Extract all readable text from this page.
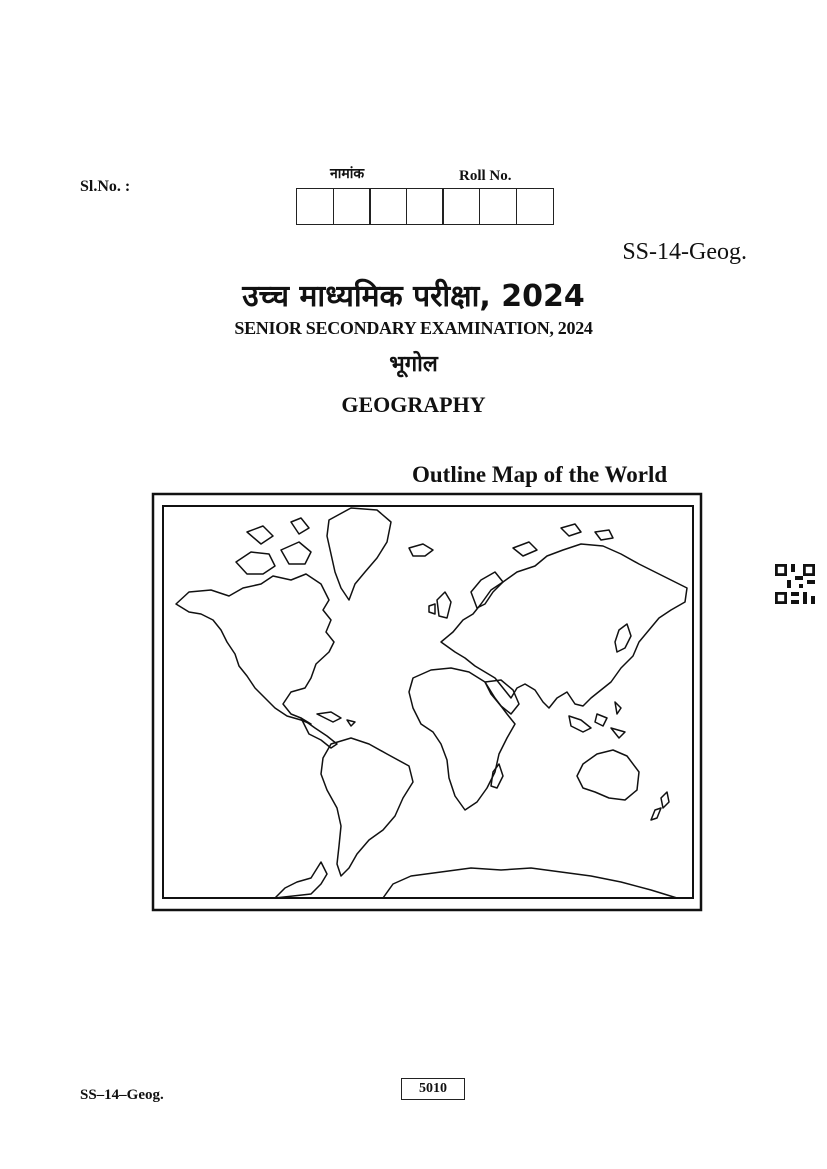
Sl.No. :
नामांक	Roll No.
SS-14-Geog.
उच्च माध्यमिक परीक्षा, 2024
SENIOR SECONDARY EXAMINATION, 2024
भूगोल
GEOGRAPHY
Outline Map of the World
SS–14–Geog.	5010
